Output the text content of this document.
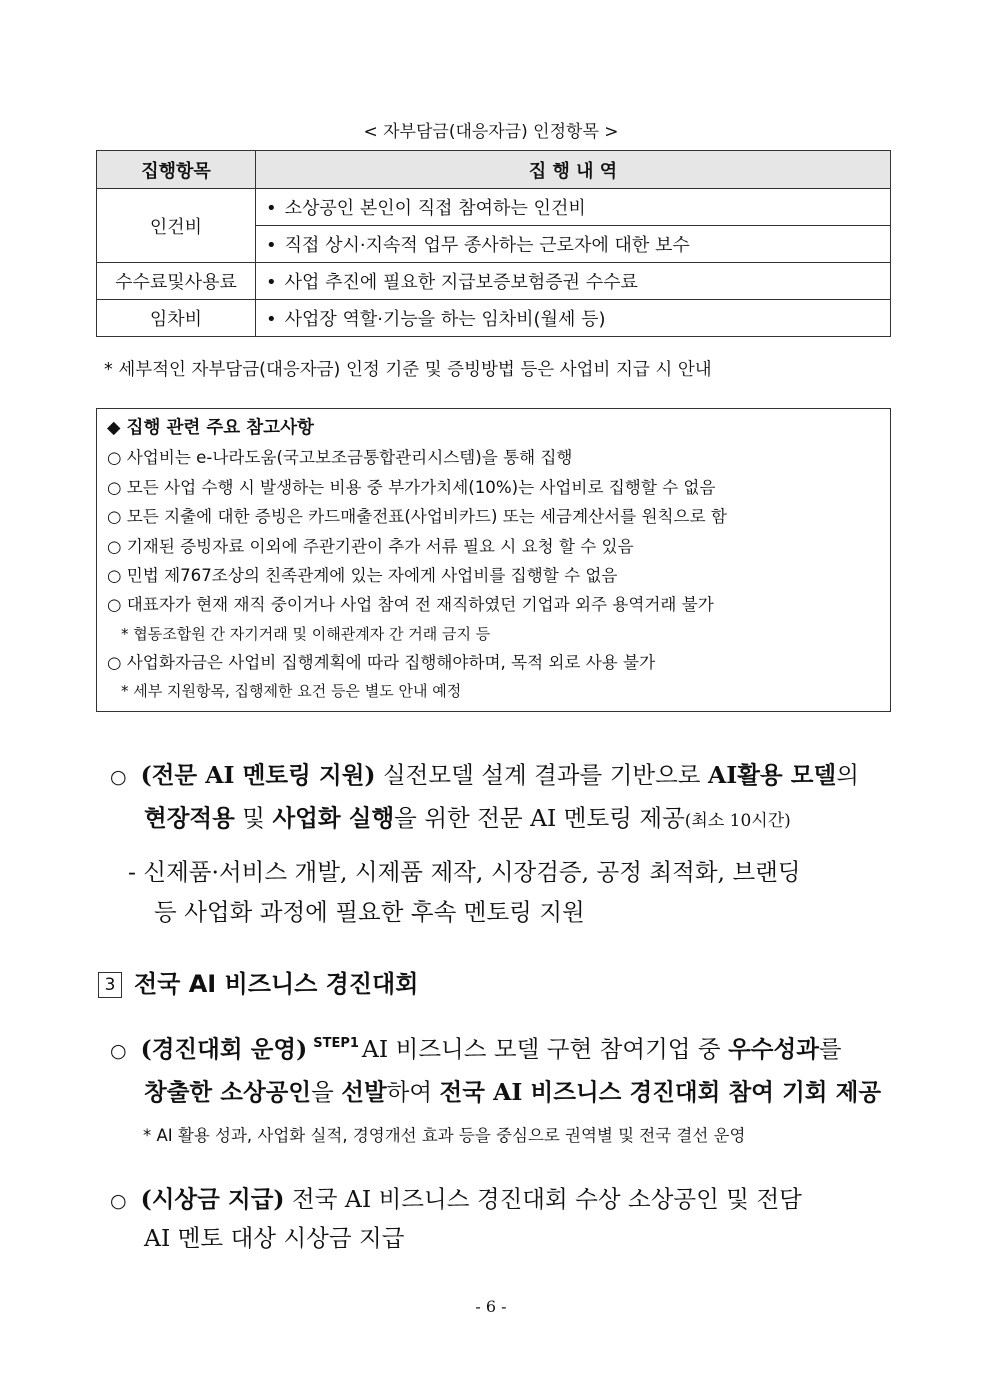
< 자부담금(대응자금) 인정항목 >
집행항목	집 행 내 역
인건비	• 소상공인 본인이 직접 참여하는 인건비
	• 직접 상시·지속적 업무 종사하는 근로자에 대한 보수
수수료및사용료	• 사업 추진에 필요한 지급보증보험증권 수수료
임차비	• 사업장 역할·기능을 하는 임차비(월세 등)
* 세부적인 자부담금(대응자금) 인정 기준 및 증빙방법 등은 사업비 지급 시 안내
◆ 집행 관련 주요 참고사항
○ 사업비는 e-나라도움(국고보조금통합관리시스템)을 통해 집행
○ 모든 사업 수행 시 발생하는 비용 중 부가가치세(10%)는 사업비로 집행할 수 없음
○ 모든 지출에 대한 증빙은 카드매출전표(사업비카드) 또는 세금계산서를 원칙으로 함
○ 기재된 증빙자료 이외에 주관기관이 추가 서류 필요 시 요청 할 수 있음
○ 민법 제767조상의 친족관계에 있는 자에게 사업비를 집행할 수 없음
○ 대표자가 현재 재직 중이거나 사업 참여 전 재직하였던 기업과 외주 용역거래 불가
* 협동조합원 간 자기거래 및 이해관계자 간 거래 금지 등
○ 사업화자금은 사업비 집행계획에 따라 집행해야하며, 목적 외로 사용 불가
* 세부 지원항목, 집행제한 요건 등은 별도 안내 예정
○ (전문 AI 멘토링 지원) 실전모델 설계 결과를 기반으로 AI활용 모델의
현장적용 및 사업화 실행을 위한 전문 AI 멘토링 제공(최소 10시간)
- 신제품·서비스 개발, 시제품 제작, 시장검증, 공정 최적화, 브랜딩
등 사업화 과정에 필요한 후속 멘토링 지원
3 전국 AI 비즈니스 경진대회
○ (경진대회 운영) $^{STEP1}$ AI 비즈니스 모델 구현 참여기업 중 우수성과를
창출한 소상공인을 선발하여 전국 AI 비즈니스 경진대회 참여 기회 제공
* AI 활용 성과, 사업화 실적, 경영개선 효과 등을 중심으로 권역별 및 전국 결선 운영
○ (시상금 지급) 전국 AI 비즈니스 경진대회 수상 소상공인 및 전담
AI 멘토 대상 시상금 지급
- 6 -
